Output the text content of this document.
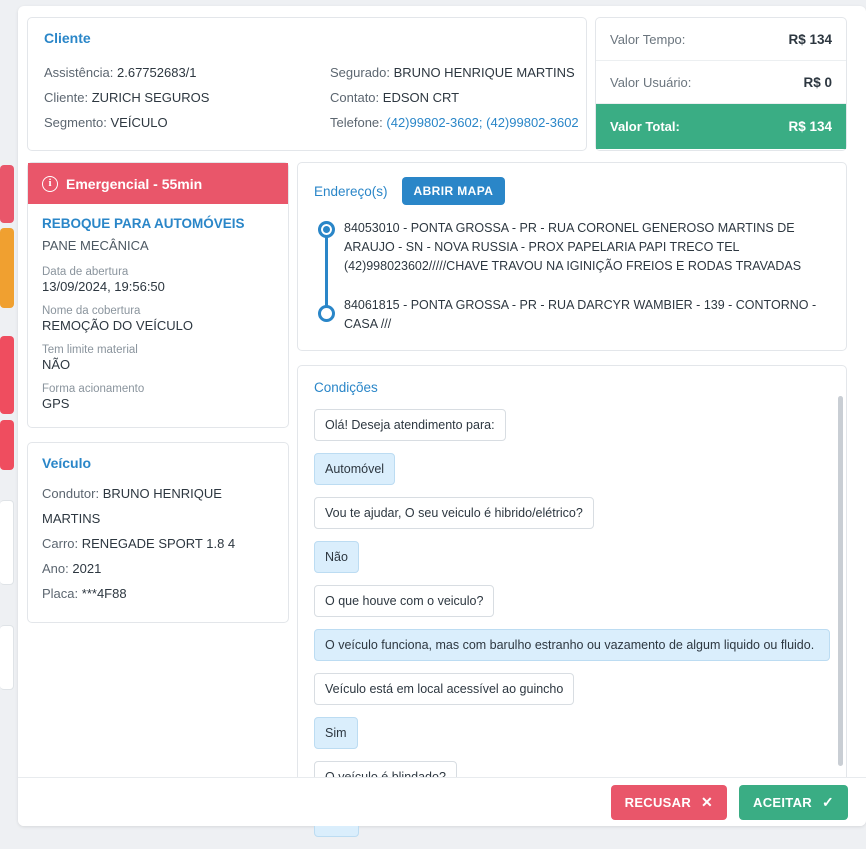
Cliente
Assistência: 2.67752683/1
Cliente: ZURICH SEGUROS
Segmento: VEÍCULO
Segurado: BRUNO HENRIQUE MARTINS
Contato: EDSON CRT
Telefone: (42)99802-3602; (42)99802-3602
Valor Tempo:	R$ 134
Valor Usuário:	R$ 0
Valor Total:	R$ 134
i	Emergencial - 55min
REBOQUE PARA AUTOMÓVEIS
PANE MECÂNICA
Data de abertura
13/09/2024, 19:56:50
Nome da cobertura
REMOÇÃO DO VEÍCULO
Tem limite material
NÃO
Forma acionamento
GPS
Veículo
Condutor: BRUNO HENRIQUE MARTINS
Carro: RENEGADE SPORT 1.8 4
Ano: 2021
Placa: ***4F88
Endereço(s)	ABRIR MAPA
84053010 - PONTA GROSSA - PR - RUA CORONEL GENEROSO MARTINS DE ARAUJO - SN - NOVA RUSSIA - PROX PAPELARIA PAPI TRECO TEL (42)998023602/////CHAVE TRAVOU NA IGINIÇÃO FREIOS E RODAS TRAVADAS
84061815 - PONTA GROSSA - PR - RUA DARCYR WAMBIER - 139 - CONTORNO - CASA ///
Condições
Olá! Deseja atendimento para:
Automóvel
Vou te ajudar, O seu veiculo é hibrido/elétrico?
Não
O que houve com o veiculo?
O veículo funciona, mas com barulho estranho ou vazamento de algum liquido ou fluido.
Veículo está em local acessível ao guincho
Sim
RECUSAR ✕	ACEITAR ✓
